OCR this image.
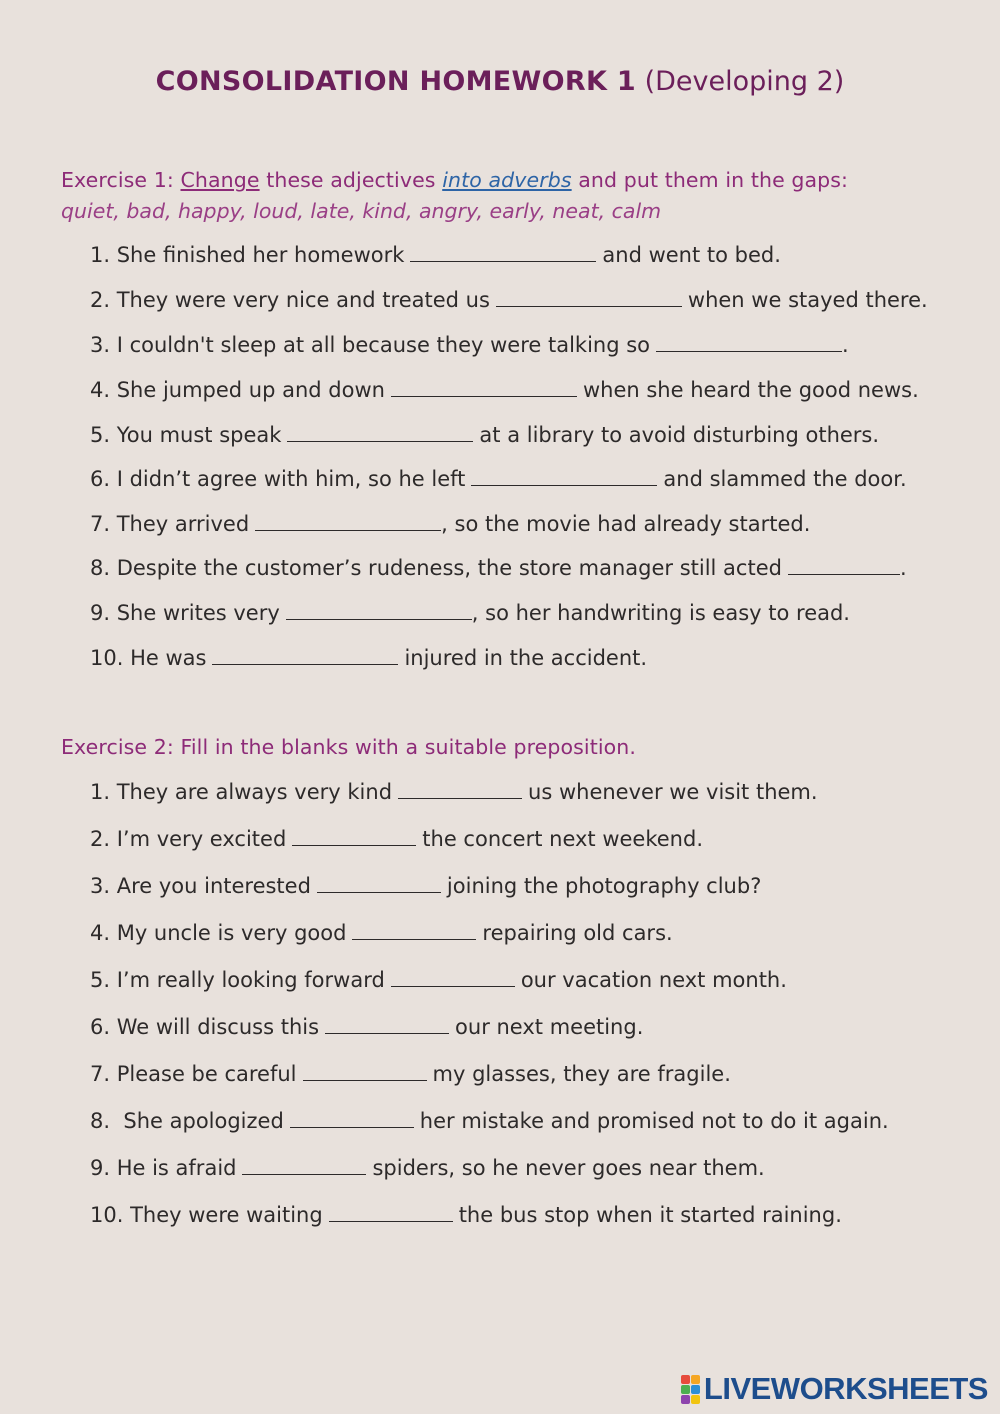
CONSOLIDATION HOMEWORK 1 (Developing 2)
Exercise 1: Change these adjectives into adverbs and put them in the gaps:
quiet, bad, happy, loud, late, kind, angry, early, neat, calm
1. She finished her homework	and went to bed.
2. They were very nice and treated us	when we stayed there.
3. I couldn't sleep at all because they were talking so	.
4. She jumped up and down	when she heard the good news.
5. You must speak	at a library to avoid disturbing others.
6. I didn’t agree with him, so he left	and slammed the door.
7. They arrived	, so the movie had already started.
8. Despite the customer’s rudeness, the store manager still acted	.
9. She writes very	, so her handwriting is easy to read.
10. He was	injured in the accident.
Exercise 2: Fill in the blanks with a suitable preposition.
1. They are always very kind	us whenever we visit them.
2. I’m very excited	the concert next weekend.
3. Are you interested	joining the photography club?
4. My uncle is very good	repairing old cars.
5. I’m really looking forward	our vacation next month.
6. We will discuss this	our next meeting.
7. Please be careful	my glasses, they are fragile.
8.  She apologized	her mistake and promised not to do it again.
9. He is afraid	spiders, so he never goes near them.
10. They were waiting	the bus stop when it started raining.
LIVEWORKSHEETS
